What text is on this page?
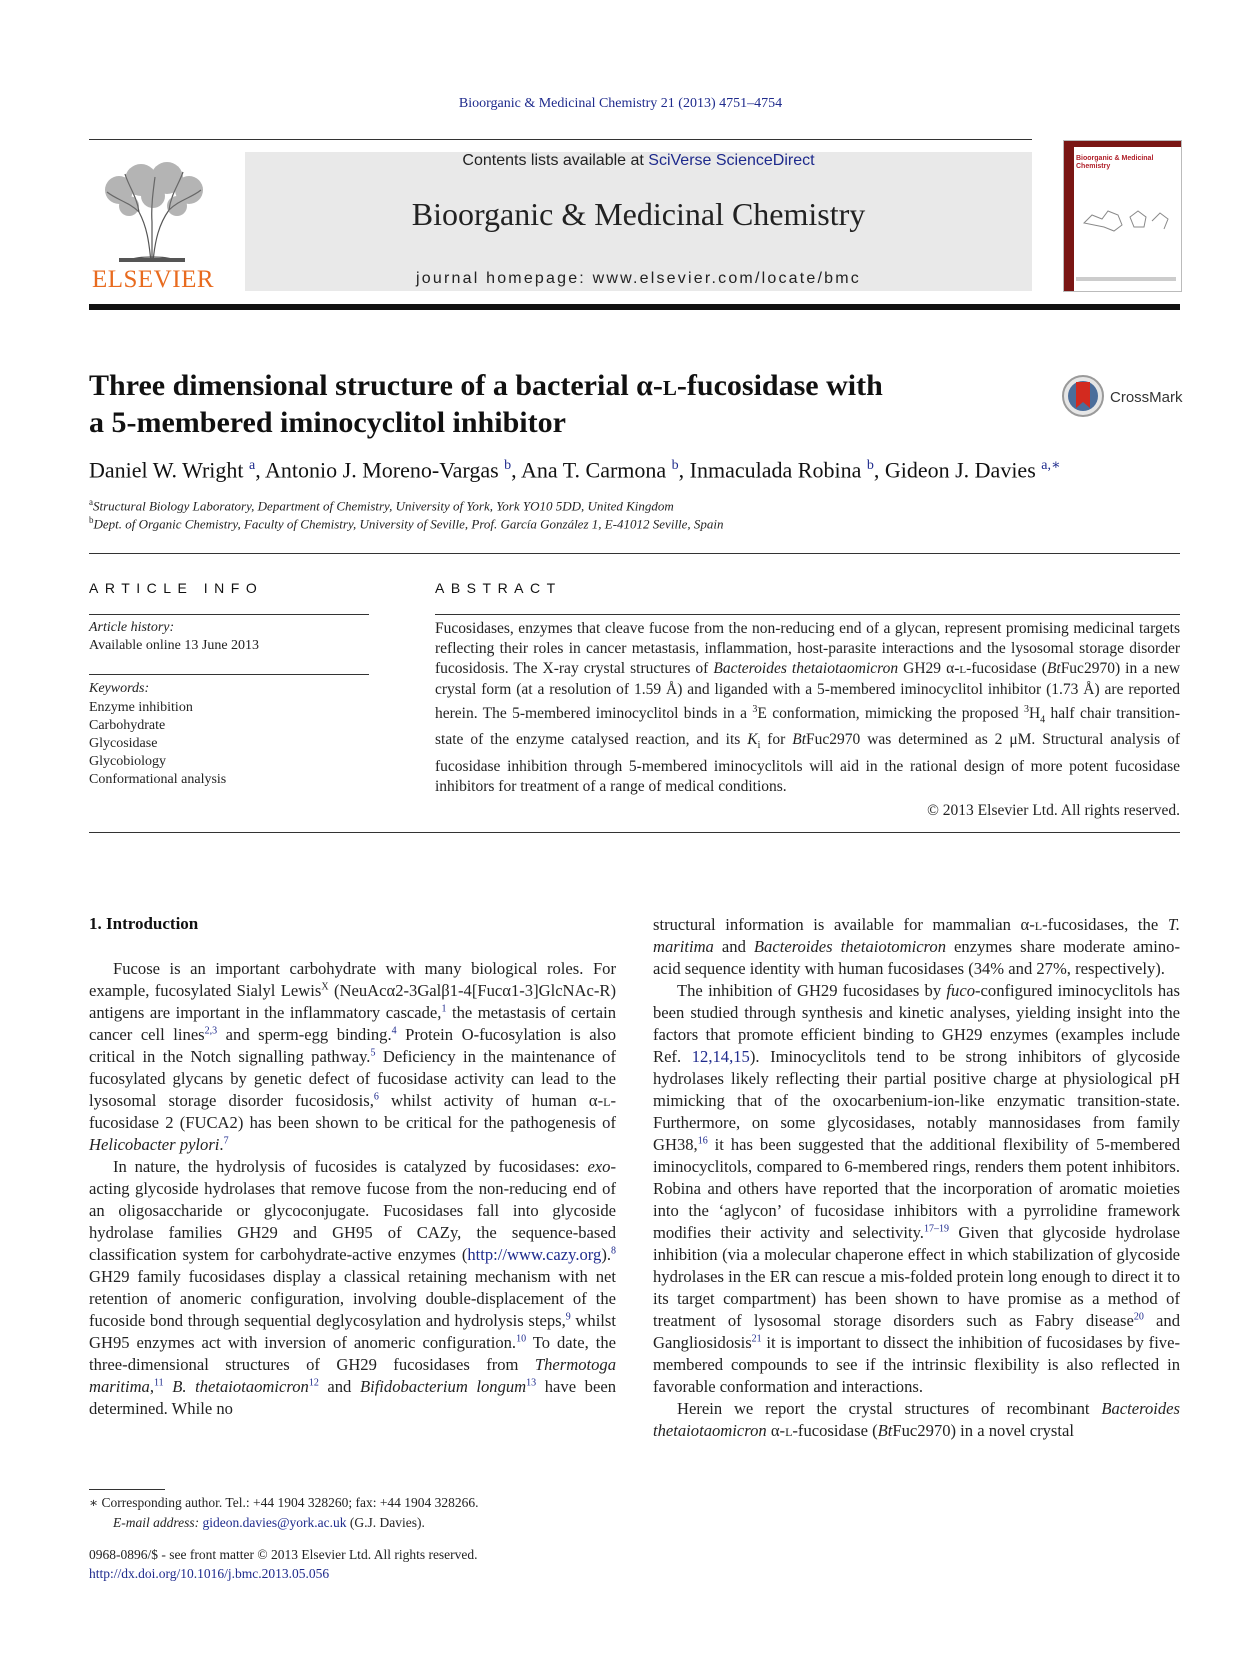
Bioorganic & Medicinal Chemistry 21 (2013) 4751–4754
ELSEVIER
Contents lists available at SciVerse ScienceDirect
Bioorganic & Medicinal Chemistry
journal homepage: www.elsevier.com/locate/bmc
Bioorganic & Medicinal
Chemistry
Three dimensional structure of a bacterial α-l-fucosidase with
a 5-membered iminocyclitol inhibitor
CrossMark
Daniel W. Wright $^a$, Antonio J. Moreno-Vargas $^b$, Ana T. Carmona $^b$, Inmaculada Robina $^b$, Gideon J. Davies $^{a,∗}$
$^a$Structural Biology Laboratory, Department of Chemistry, University of York, York YO10 5DD, United Kingdom
$^b$Dept. of Organic Chemistry, Faculty of Chemistry, University of Seville, Prof. García González 1, E-41012 Seville, Spain
ARTICLE INFO
Article history:
Available online 13 June 2013
Keywords:
Enzyme inhibition
Carbohydrate
Glycosidase
Glycobiology
Conformational analysis
ABSTRACT
Fucosidases, enzymes that cleave fucose from the non-reducing end of a glycan, represent promising medicinal targets reflecting their roles in cancer metastasis, inflammation, host-parasite interactions and the lysosomal storage disorder fucosidosis. The X-ray crystal structures of Bacteroides thetaiotaomicron GH29 α-l-fucosidase (BtFuc2970) in a new crystal form (at a resolution of 1.59 Å) and liganded with a 5-membered iminocyclitol inhibitor (1.73 Å) are reported herein. The 5-membered iminocyclitol binds in a $^3$E conformation, mimicking the proposed $^3H_4$ half chair transition-state of the enzyme catalysed reaction, and its $K_i$ for BtFuc2970 was determined as 2 μM. Structural analysis of fucosidase inhibition through 5-membered iminocyclitols will aid in the rational design of more potent fucosidase inhibitors for treatment of a range of medical conditions.
© 2013 Elsevier Ltd. All rights reserved.
1. Introduction

Fucose is an important carbohydrate with many biological roles. For example, fucosylated Sialyl Lewis$^X$ (NeuAcα2-3Galβ1-4[Fucα1-3]GlcNAc-R) antigens are important in the inflammatory cascade,$^1$ the metastasis of certain cancer cell lines$^{2,3}$ and sperm-egg binding.$^4$ Protein O-fucosylation is also critical in the Notch signalling pathway.$^5$ Deficiency in the maintenance of fucosylated glycans by genetic defect of fucosidase activity can lead to the lysosomal storage disorder fucosidosis,$^6$ whilst activity of human α-l-fucosidase 2 (FUCA2) has been shown to be critical for the pathogenesis of Helicobacter pylori.$^7$

In nature, the hydrolysis of fucosides is catalyzed by fucosidases: exo-acting glycoside hydrolases that remove fucose from the non-reducing end of an oligosaccharide or glycoconjugate. Fucosidases fall into glycoside hydrolase families GH29 and GH95 of CAZy, the sequence-based classification system for carbohydrate-active enzymes (http://www.cazy.org).$^8$ GH29 family fucosidases display a classical retaining mechanism with net retention of anomeric configuration, involving double-displacement of the fucoside bond through sequential deglycosylation and hydrolysis steps,$^9$ whilst GH95 enzymes act with inversion of anomeric configuration.$^{10}$ To date, the three-dimensional structures of GH29 fucosidases from Thermotoga maritima,$^{11}$ B. thetaiotaomicron$^{12}$ and Bifidobacterium longum$^{13}$ have been determined. While no

structural information is available for mammalian α-l-fucosidases, the T. maritima and Bacteroides thetaiotomicron enzymes share moderate amino-acid sequence identity with human fucosidases (34% and 27%, respectively).

The inhibition of GH29 fucosidases by fuco-configured iminocyclitols has been studied through synthesis and kinetic analyses, yielding insight into the factors that promote efficient binding to GH29 enzymes (examples include Ref. 12,14,15). Iminocyclitols tend to be strong inhibitors of glycoside hydrolases likely reflecting their partial positive charge at physiological pH mimicking that of the oxocarbenium-ion-like enzymatic transition-state. Furthermore, on some glycosidases, notably mannosidases from family GH38,16 it has been suggested that the additional flexibility of 5-membered iminocyclitols, compared to 6-membered rings, renders them potent inhibitors. Robina and others have reported that the incorporation of aromatic moieties into the ‘aglycon’ of fucosidase inhibitors with a pyrrolidine framework modifies their activity and selectivity.$^{17-19}$ Given that glycoside hydrolase inhibition (via a molecular chaperone effect in which stabilization of glycoside hydrolases in the ER can rescue a mis-folded protein long enough to direct it to its target compartment) has been shown to have promise as a method of treatment of lysosomal storage disorders such as Fabry disease$^{20}$ and Gangliosidosis$^{21}$ it is important to dissect the inhibition of fucosidases by five-membered compounds to see if the intrinsic flexibility is also reflected in favorable conformation and interactions.

Herein we report the crystal structures of recombinant Bacteroides thetaiotaomicron α-l-fucosidase (BtFuc2970) in a novel crystal

∗ Corresponding author. Tel.: +44 1904 328260; fax: +44 1904 328266.
E-mail address: gideon.davies@york.ac.uk (G.J. Davies).
0968-0896/$ - see front matter © 2013 Elsevier Ltd. All rights reserved.
http://dx.doi.org/10.1016/j.bmc.2013.05.056
